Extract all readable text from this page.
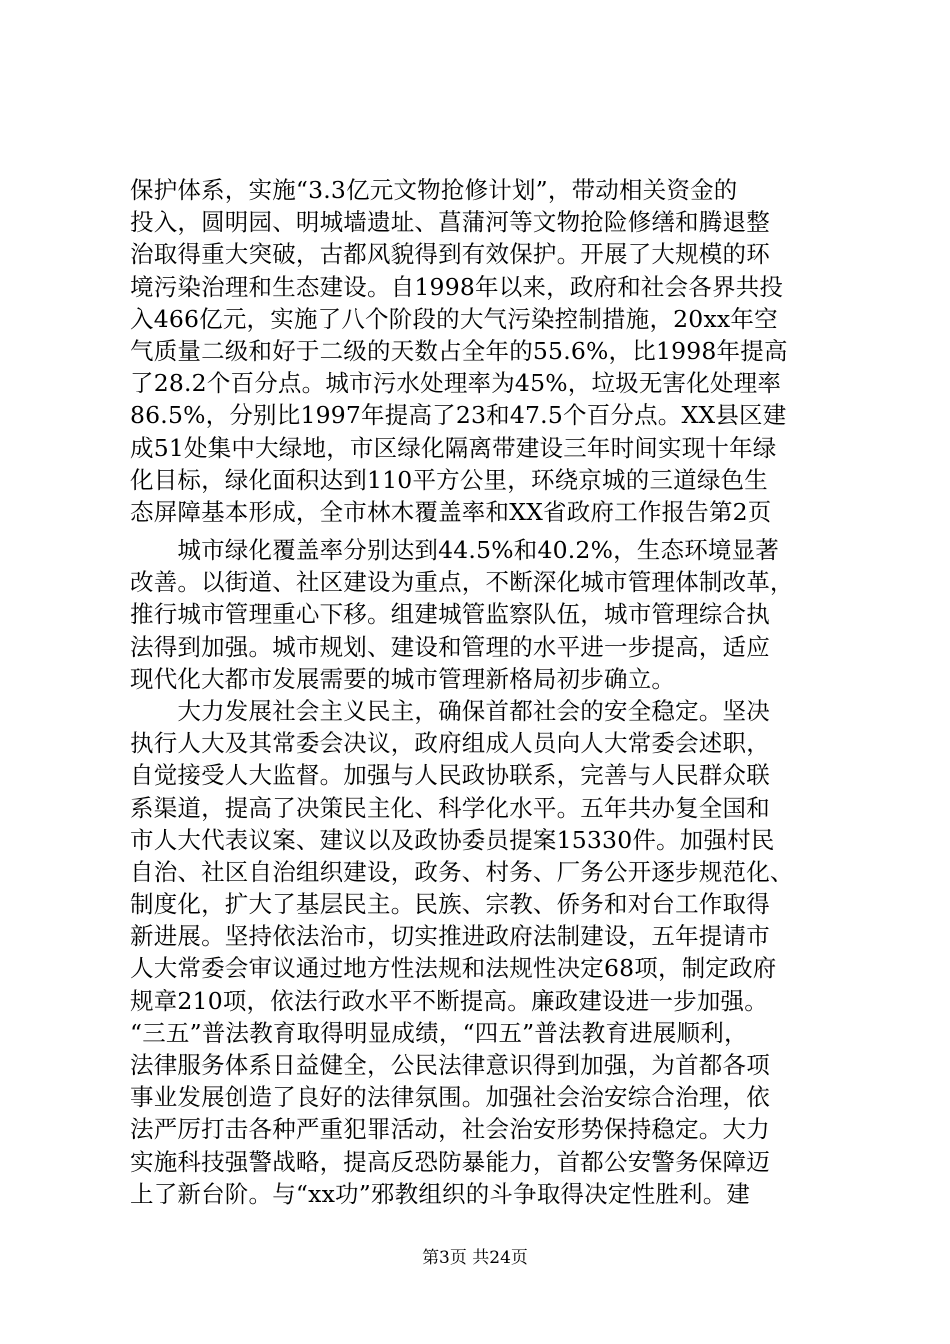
保护体系，实施“3.3亿元文物抢修计划”，带动相关资金的
投入，圆明园、明城墙遗址、菖蒲河等文物抢险修缮和腾退整
治取得重大突破，古都风貌得到有效保护。开展了大规模的环
境污染治理和生态建设。自1998年以来，政府和社会各界共投
入466亿元，实施了八个阶段的大气污染控制措施，20xx年空
气质量二级和好于二级的天数占全年的55.6%，比1998年提高
了28.2个百分点。城市污水处理率为45%，垃圾无害化处理率
86.5%，分别比1997年提高了23和47.5个百分点。XX县区建
成51处集中大绿地，市区绿化隔离带建设三年时间实现十年绿
化目标，绿化面积达到110平方公里，环绕京城的三道绿色生
态屏障基本形成，全市林木覆盖率和XX省政府工作报告第2页
　　城市绿化覆盖率分别达到44.5%和40.2%，生态环境显著
改善。以街道、社区建设为重点，不断深化城市管理体制改革，
推行城市管理重心下移。组建城管监察队伍，城市管理综合执
法得到加强。城市规划、建设和管理的水平进一步提高，适应
现代化大都市发展需要的城市管理新格局初步确立。
　　大力发展社会主义民主，确保首都社会的安全稳定。坚决
执行人大及其常委会决议，政府组成人员向人大常委会述职，
自觉接受人大监督。加强与人民政协联系，完善与人民群众联
系渠道，提高了决策民主化、科学化水平。五年共办复全国和
市人大代表议案、建议以及政协委员提案15330件。加强村民
自治、社区自治组织建设，政务、村务、厂务公开逐步规范化、
制度化，扩大了基层民主。民族、宗教、侨务和对台工作取得
新进展。坚持依法治市，切实推进政府法制建设，五年提请市
人大常委会审议通过地方性法规和法规性决定68项，制定政府
规章210项，依法行政水平不断提高。廉政建设进一步加强。
“三五”普法教育取得明显成绩，“四五”普法教育进展顺利，
法律服务体系日益健全，公民法律意识得到加强，为首都各项
事业发展创造了良好的法律氛围。加强社会治安综合治理，依
法严厉打击各种严重犯罪活动，社会治安形势保持稳定。大力
实施科技强警战略，提高反恐防暴能力，首都公安警务保障迈
上了新台阶。与“xx功”邪教组织的斗争取得决定性胜利。建
第3页 共24页
